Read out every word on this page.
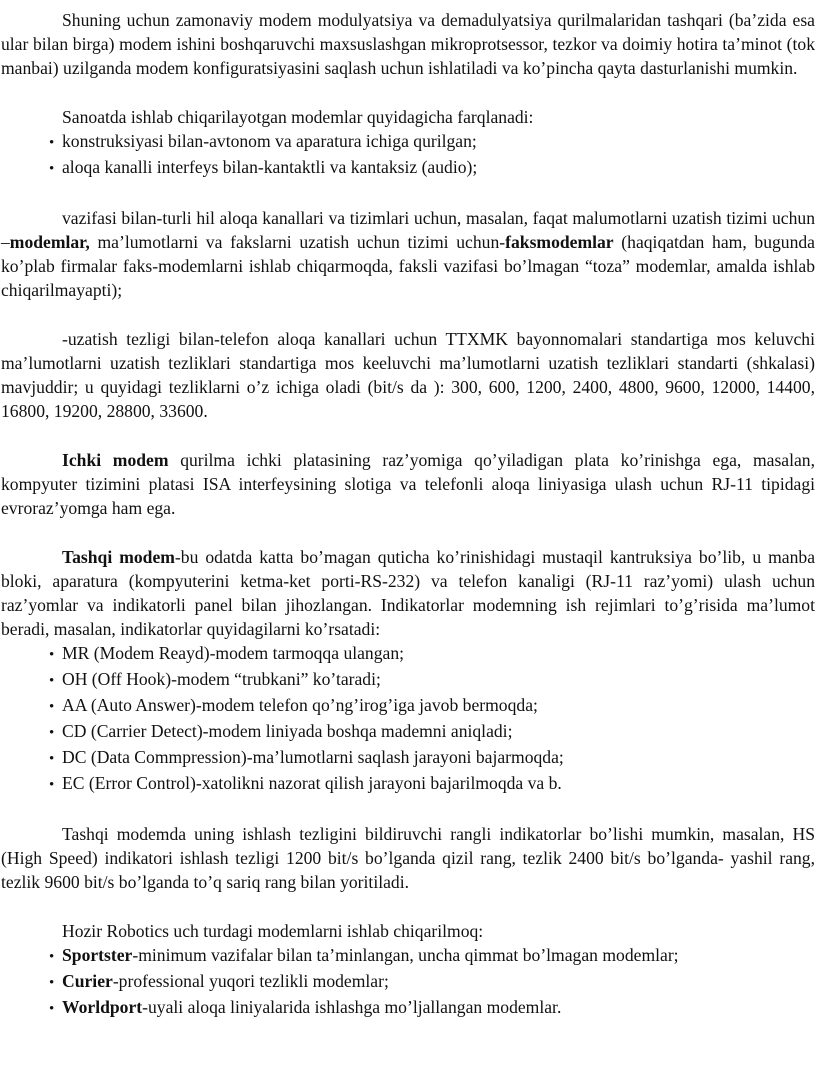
Shuning uchun zamonaviy modem modulyatsiya va demadulyatsiya qurilmalaridan tashqari (ba’zida esa ular bilan birga) modem ishini boshqaruvchi maxsuslashgan mikroprotsessor, tezkor va doimiy hotira ta’minot (tok manbai) uzilganda modem konfiguratsiyasini saqlash uchun ishlatiladi va ko’pincha qayta dasturlanishi mumkin.

Sanoatda ishlab chiqarilayotgan modemlar quyidagicha farqlanadi:

• konstruksiyasi bilan-avtonom va aparatura ichiga qurilgan;
• aloqa kanalli interfeys bilan-kantaktli va kantaksiz (audio);

vazifasi bilan-turli hil aloqa kanallari va tizimlari uchun, masalan, faqat malumotlarni uzatish tizimi uchun –modemlar, ma’lumotlarni va fakslarni uzatish uchun tizimi uchun-faksmodemlar (haqiqatdan ham, bugunda ko’plab firmalar faks-modemlarni ishlab chiqarmoqda, faksli vazifasi bo’lmagan “toza” modemlar, amalda ishlab chiqarilmayapti);

-uzatish tezligi bilan-telefon aloqa kanallari uchun TTXMK bayonnomalari standartiga mos keluvchi ma’lumotlarni uzatish tezliklari standartiga mos keeluvchi ma’lumotlarni uzatish tezliklari standarti (shkalasi) mavjuddir; u quyidagi tezliklarni o’z ichiga oladi (bit/s da ): 300, 600, 1200, 2400, 4800, 9600, 12000, 14400, 16800, 19200, 28800, 33600.

Ichki modem qurilma ichki platasining raz’yomiga qo’yiladigan plata ko’rinishga ega, masalan, kompyuter tizimini platasi ISA interfeysining slotiga va telefonli aloqa liniyasiga ulash uchun RJ-11 tipidagi evroraz’yomga ham ega.

Tashqi modem-bu odatda katta bo’magan quticha ko’rinishidagi mustaqil kantruksiya bo’lib, u manba bloki, aparatura (kompyuterini ketma-ket porti-RS-232) va telefon kanaligi (RJ-11 raz’yomi) ulash uchun raz’yomlar va indikatorli panel bilan jihozlangan. Indikatorlar modemning ish rejimlari to’g’risida ma’lumot beradi, masalan, indikatorlar quyidagilarni ko’rsatadi:

• MR (Modem Reayd)-modem tarmoqqa ulangan;
• OH (Off Hook)-modem “trubkani” ko’taradi;
• AA (Auto Answer)-modem telefon qo’ng’irog’iga javob bermoqda;
• CD (Carrier Detect)-modem liniyada boshqa mademni aniqladi;
• DC (Data Commpression)-ma’lumotlarni saqlash jarayoni bajarmoqda;
• EC (Error Control)-xatolikni nazorat qilish jarayoni bajarilmoqda va b.

Tashqi modemda uning ishlash tezligini bildiruvchi rangli indikatorlar bo’lishi mumkin, masalan, HS (High Speed) indikatori ishlash tezligi 1200 bit/s bo’lganda qizil rang, tezlik 2400 bit/s bo’lganda- yashil rang, tezlik 9600 bit/s bo’lganda to’q sariq rang bilan yoritiladi.

Hozir Robotics uch turdagi modemlarni ishlab chiqarilmoq:

• Sportster-minimum vazifalar bilan ta’minlangan, uncha qimmat bo’lmagan modemlar;
• Curier-professional yuqori tezlikli modemlar;
• Worldport-uyali aloqa liniyalarida ishlashga mo’ljallangan modemlar.
